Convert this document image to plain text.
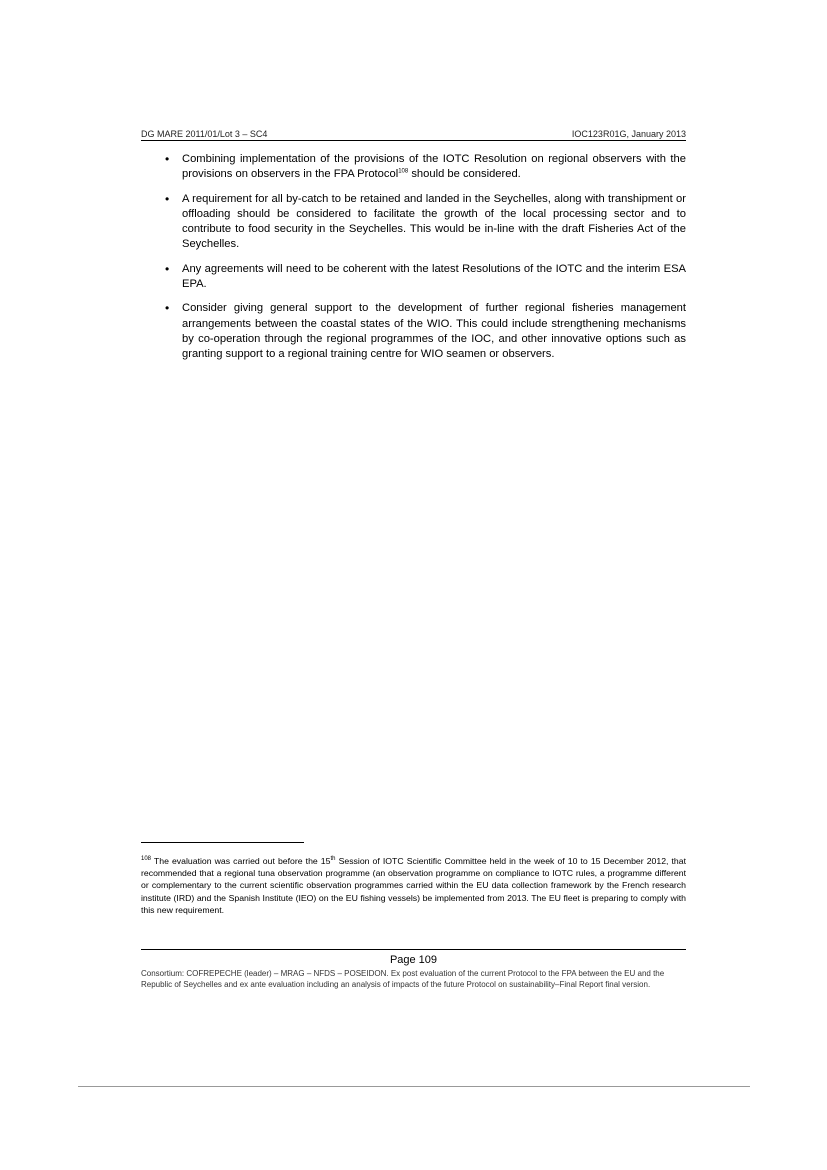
DG MARE 2011/01/Lot 3 – SC4	IOC123R01G, January 2013
• Combining implementation of the provisions of the IOTC Resolution on regional observers with the provisions on observers in the FPA Protocol$^{108}$ should be considered.
• A requirement for all by-catch to be retained and landed in the Seychelles, along with transhipment or offloading should be considered to facilitate the growth of the local processing sector and to contribute to food security in the Seychelles. This would be in-line with the draft Fisheries Act of the Seychelles.
• Any agreements will need to be coherent with the latest Resolutions of the IOTC and the interim ESA EPA.
• Consider giving general support to the development of further regional fisheries management arrangements between the coastal states of the WIO. This could include strengthening mechanisms by co-operation through the regional programmes of the IOC, and other innovative options such as granting support to a regional training centre for WIO seamen or observers.

$^{108}$ The evaluation was carried out before the 15th Session of IOTC Scientific Committee held in the week of 10 to 15 December 2012, that recommended that a regional tuna observation programme (an observation programme on compliance to IOTC rules, a programme different or complementary to the current scientific observation programmes carried within the EU data collection framework by the French research institute (IRD) and the Spanish Institute (IEO) on the EU fishing vessels) be implemented from 2013. The EU fleet is preparing to comply with this new requirement.

Page 109

Consortium: COFREPECHE (leader) – MRAG – NFDS – POSEIDON. Ex post evaluation of the current Protocol to the FPA between the EU and the Republic of Seychelles and ex ante evaluation including an analysis of impacts of the future Protocol on sustainability–Final Report final version.
